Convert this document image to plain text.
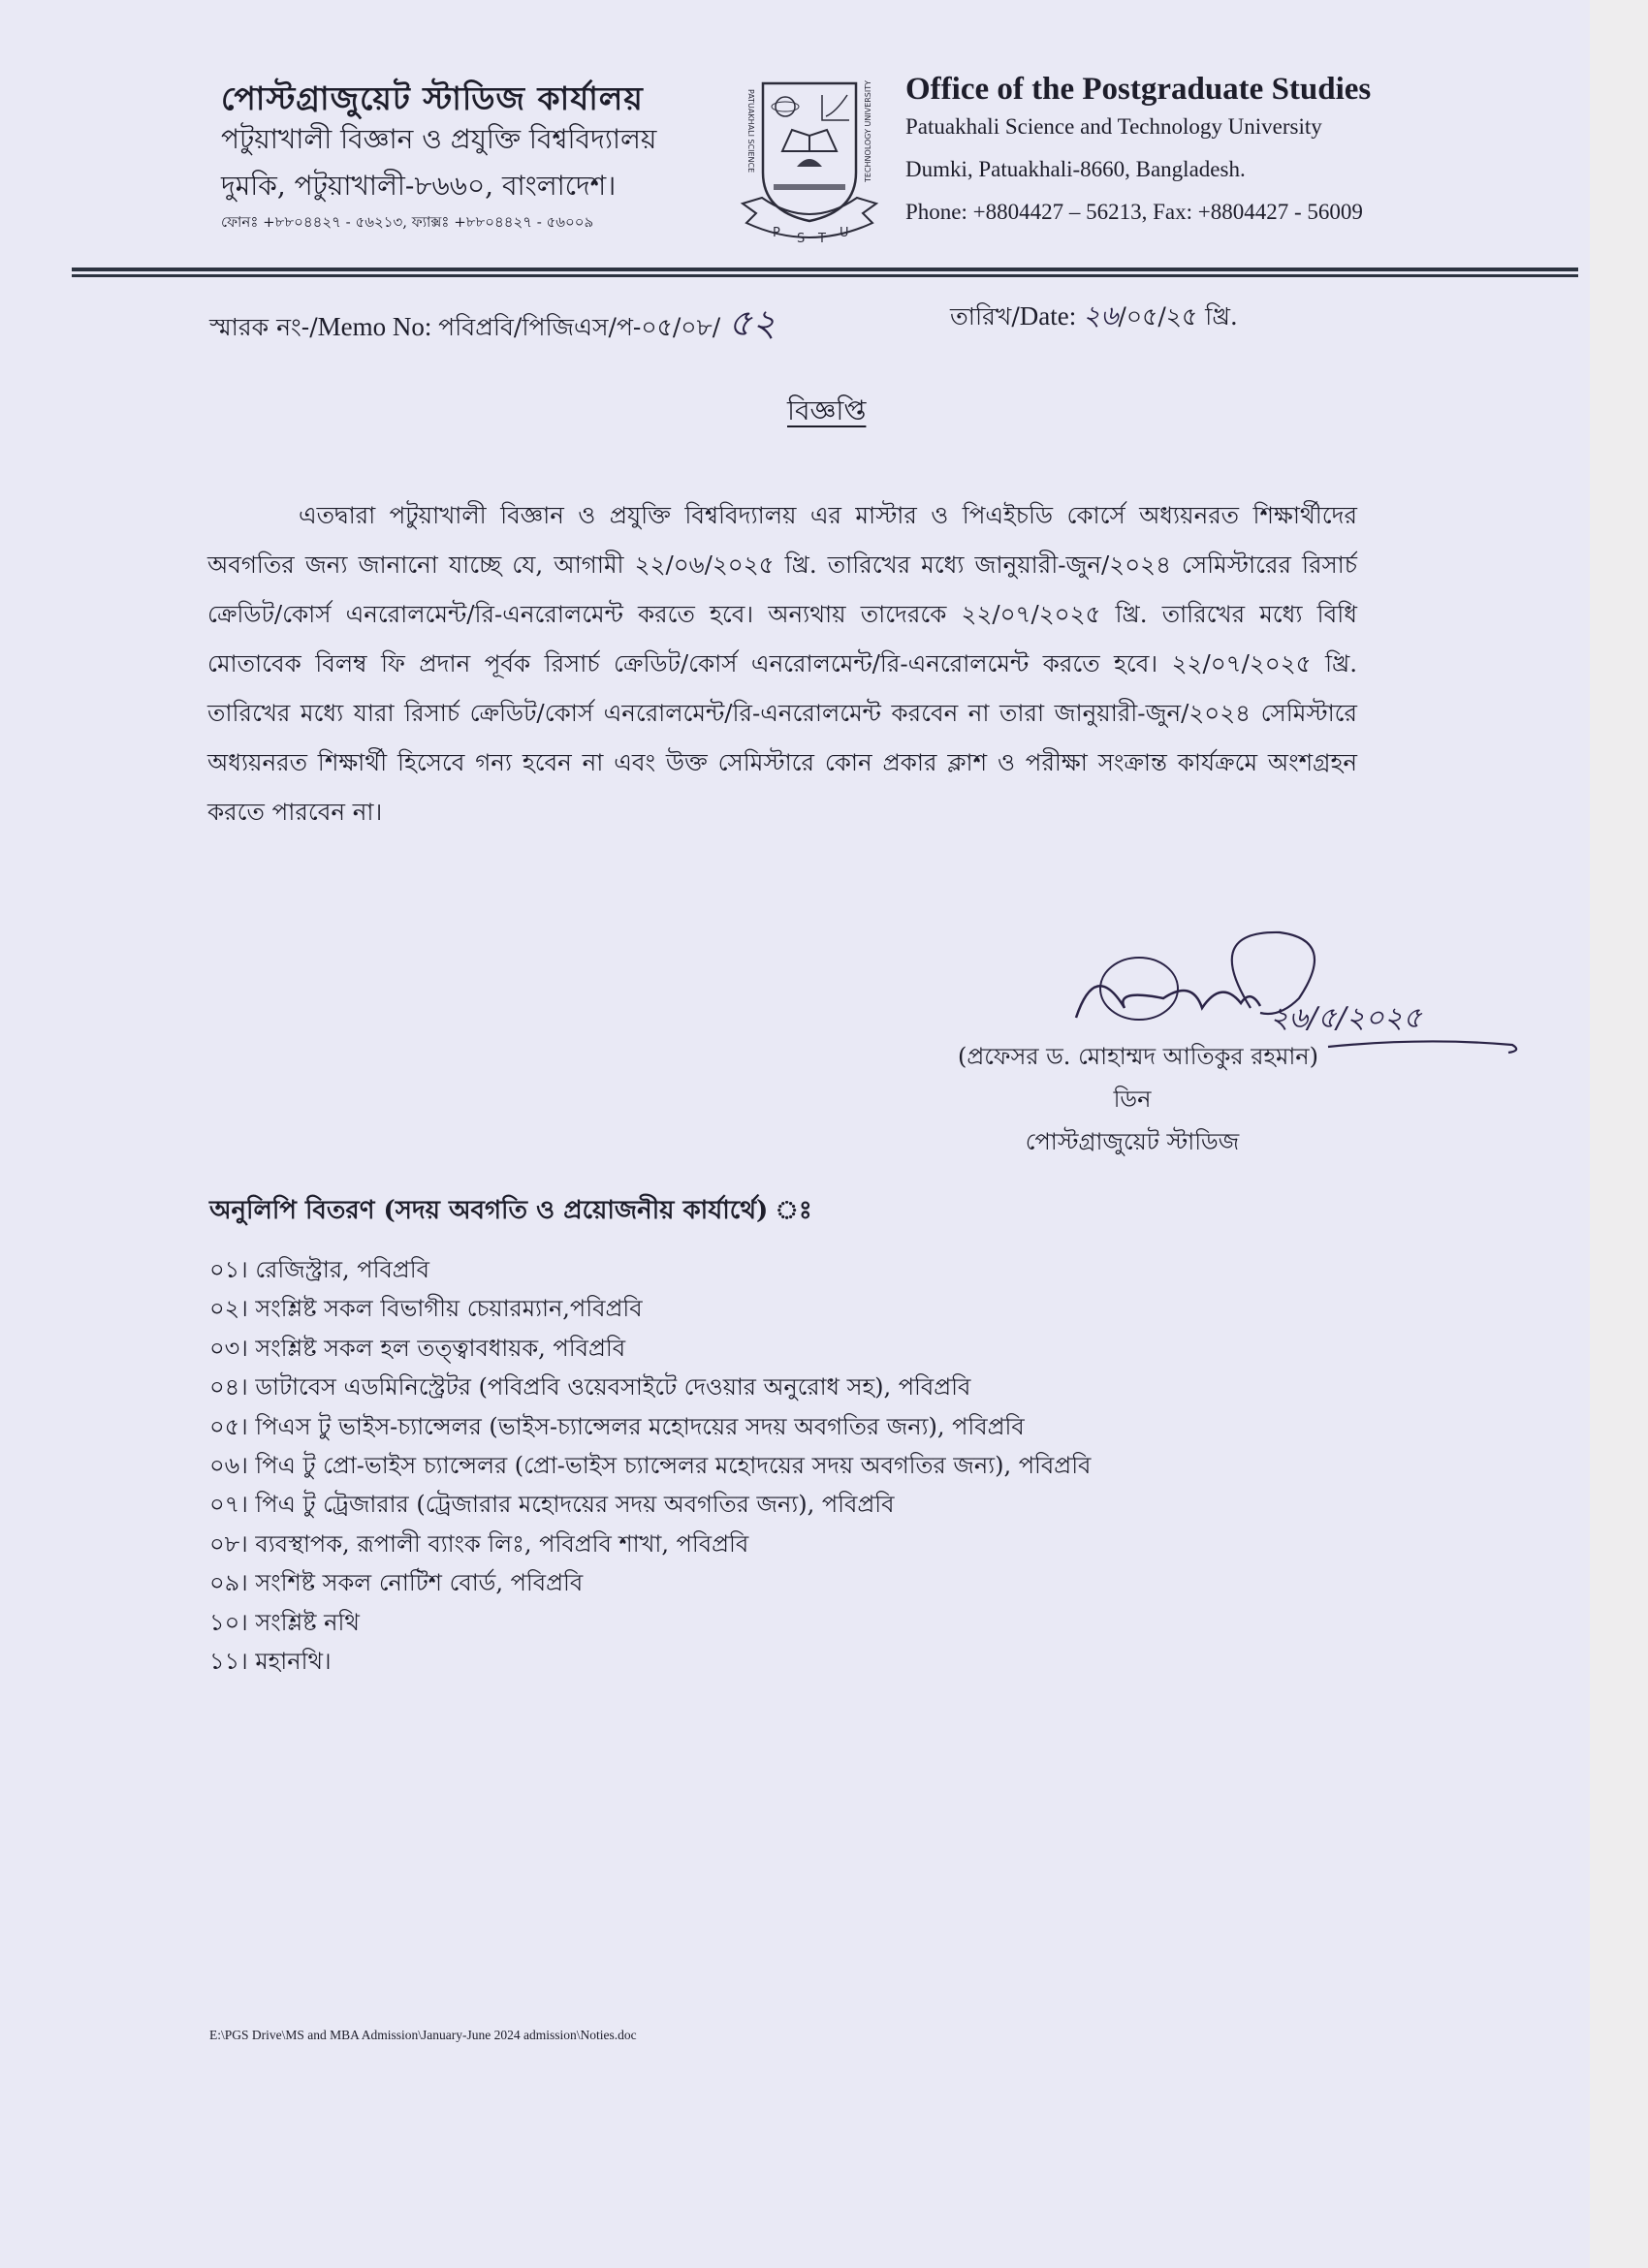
পোস্টগ্রাজুয়েট স্টাডিজ কার্যালয়
পটুয়াখালী বিজ্ঞান ও প্রযুক্তি বিশ্ববিদ্যালয়
দুমকি, পটুয়াখালী-৮৬৬০, বাংলাদেশ।
ফোনঃ +৮৮০৪৪২৭ - ৫৬২১৩, ফ্যাক্সঃ +৮৮০৪৪২৭ - ৫৬০০৯
P S T U
PATUAKHALI SCIENCE	TECHNOLOGY UNIVERSITY Office of the Postgraduate Studies
Patuakhali Science and Technology University
Dumki, Patuakhali-8660, Bangladesh.
Phone: +8804427 – 56213, Fax: +8804427 - 56009
স্মারক নং-/Memo No: পবিপ্রবি/পিজিএস/প-০৫/০৮/ ৫২	তারিখ/Date: ২৬/০৫/২৫ খ্রি.
বিজ্ঞপ্তি

এতদ্বারা পটুয়াখালী বিজ্ঞান ও প্রযুক্তি বিশ্ববিদ্যালয় এর মাস্টার ও পিএইচডি কোর্সে অধ্যয়নরত শিক্ষার্থীদের অবগতির জন্য জানানো যাচ্ছে যে, আগামী ২২/০৬/২০২৫ খ্রি. তারিখের মধ্যে জানুয়ারী-জুন/২০২৪ সেমিস্টারের রিসার্চ ক্রেডিট/কোর্স এনরোলমেন্ট/রি-এনরোলমেন্ট করতে হবে। অন্যথায় তাদেরকে ২২/০৭/২০২৫ খ্রি. তারিখের মধ্যে বিধি মোতাবেক বিলম্ব ফি প্রদান পূর্বক রিসার্চ ক্রেডিট/কোর্স এনরোলমেন্ট/রি-এনরোলমেন্ট করতে হবে। ২২/০৭/২০২৫ খ্রি. তারিখের মধ্যে যারা রিসার্চ ক্রেডিট/কোর্স এনরোলমেন্ট/রি-এনরোলমেন্ট করবেন না তারা জানুয়ারী-জুন/২০২৪ সেমিস্টারে অধ্যয়নরত শিক্ষার্থী হিসেবে গন্য হবেন না এবং উক্ত সেমিস্টারে কোন প্রকার ক্লাশ ও পরীক্ষা সংক্রান্ত কার্যক্রমে অংশগ্রহন করতে পারবেন না।

২৬/৫/২০২৫
(প্রফেসর ড. মোহাম্মদ আতিকুর রহমান)
ডিন
পোস্টগ্রাজুয়েট স্টাডিজ
অনুলিপি বিতরণ (সদয় অবগতি ও প্রয়োজনীয় কার্যার্থে) ঃ
০১। রেজিস্ট্রার, পবিপ্রবি
০২। সংশ্লিষ্ট সকল বিভাগীয় চেয়ারম্যান,পবিপ্রবি
০৩। সংশ্লিষ্ট সকল হল তত্ত্বাবধায়ক, পবিপ্রবি
০৪। ডাটাবেস এডমিনিস্ট্রেটর (পবিপ্রবি ওয়েবসাইটে দেওয়ার অনুরোধ সহ), পবিপ্রবি
০৫। পিএস টু ভাইস-চ্যান্সেলর (ভাইস-চ্যান্সেলর মহোদয়ের সদয় অবগতির জন্য), পবিপ্রবি
০৬। পিএ টু প্রো-ভাইস চ্যান্সেলর (প্রো-ভাইস চ্যান্সেলর মহোদয়ের সদয় অবগতির জন্য), পবিপ্রবি
০৭। পিএ টু ট্রেজারার (ট্রেজারার মহোদয়ের সদয় অবগতির জন্য), পবিপ্রবি
০৮। ব্যবস্থাপক, রূপালী ব্যাংক লিঃ, পবিপ্রবি শাখা, পবিপ্রবি
০৯। সংশিষ্ট সকল নোটিশ বোর্ড, পবিপ্রবি
১০। সংশ্লিষ্ট নথি
১১। মহানথি।
E:\PGS Drive\MS and MBA Admission\January-June 2024 admission\Noties.doc
